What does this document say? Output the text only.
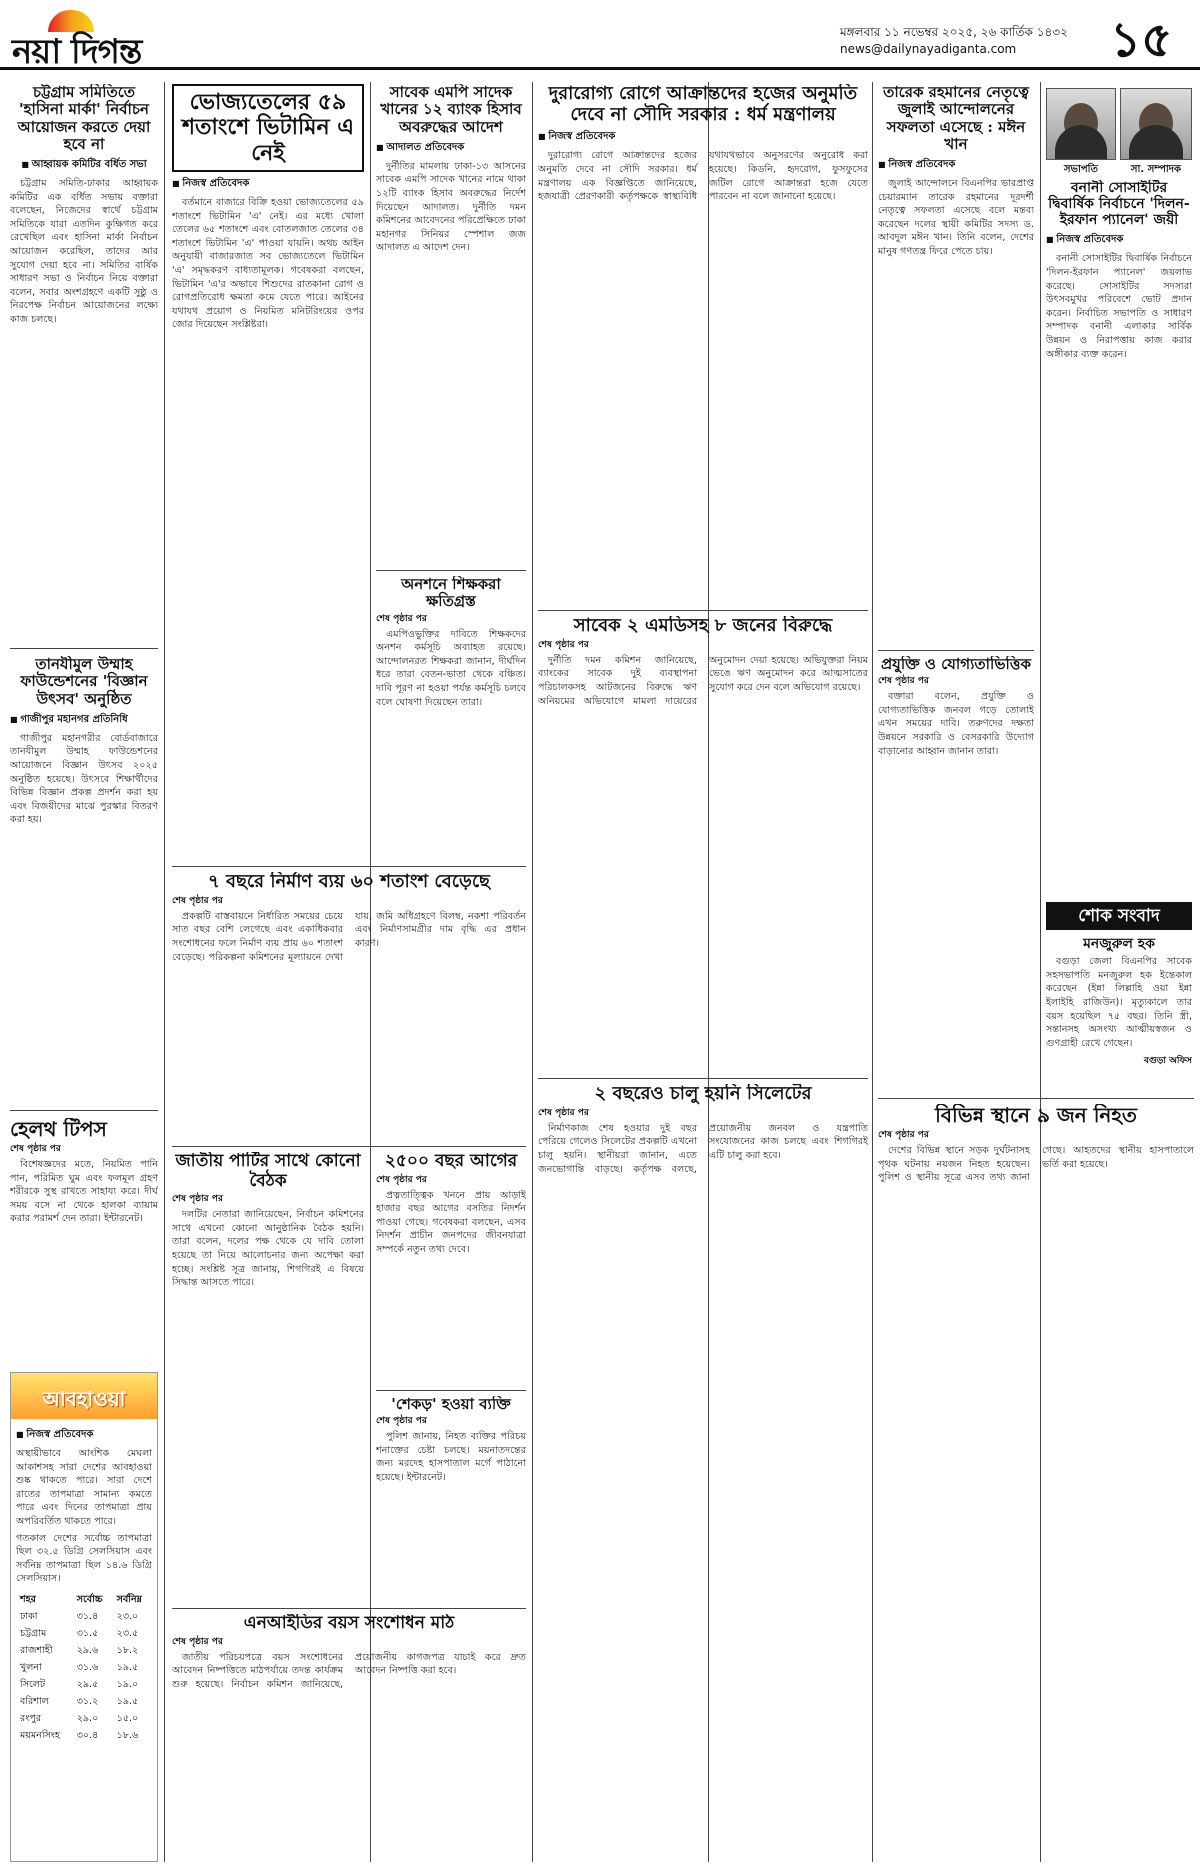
নয়া দিগন্ত	মঙ্গলবার ১১ নভেম্বর ২০২৫, ২৬ কার্তিক ১৪৩২
news@dailynayadiganta.com ১৫
চট্টগ্রাম সমিতিতে 'হাসিনা মার্কা' নির্বাচন আয়োজন করতে দেয়া হবে না
■ আহ্বায়ক কমিটির বর্ধিত সভা

চট্টগ্রাম সমিতি-ঢাকার আহ্বায়ক কমিটির এক বর্ধিত সভায় বক্তারা বলেছেন, নিজেদের স্বার্থে চট্টগ্রাম সমিতিকে যারা এতদিন কুক্ষিগত করে রেখেছিল এবং হাসিনা মার্কা নির্বাচন আয়োজন করেছিল, তাদের আর সুযোগ দেয়া হবে না। সমিতির বার্ষিক সাধারণ সভা ও নির্বাচন নিয়ে বক্তারা বলেন, সবার অংশগ্রহণে একটি সুষ্ঠু ও নিরপেক্ষ নির্বাচন আয়োজনের লক্ষ্যে কাজ চলছে।

তানযীমুল উম্মাহ ফাউন্ডেশনের 'বিজ্ঞান উৎসব' অনুষ্ঠিত
■ গাজীপুর মহানগর প্রতিনিধি

গাজীপুর মহানগরীর বোর্ডবাজারে তানযীমুল উম্মাহ ফাউন্ডেশনের আয়োজনে বিজ্ঞান উৎসব ২০২৫ অনুষ্ঠিত হয়েছে। উৎসবে শিক্ষার্থীদের বিভিন্ন বিজ্ঞান প্রকল্প প্রদর্শন করা হয় এবং বিজয়ীদের মাঝে পুরস্কার বিতরণ করা হয়।

হেলথ টিপস
শেষ পৃষ্ঠার পর

বিশেষজ্ঞদের মতে, নিয়মিত পানি পান, পরিমিত ঘুম এবং ফলমূল গ্রহণ শরীরকে সুস্থ রাখতে সাহায্য করে। দীর্ঘ সময় বসে না থেকে হালকা ব্যায়াম করার পরামর্শ দেন তারা। ইন্টারনেট।

আবহাওয়া
■ নিজস্ব প্রতিবেদক
অস্থায়ীভাবে আংশিক মেঘলা আকাশসহ সারা দেশের আবহাওয়া শুষ্ক থাকতে পারে। সারা দেশে রাতের তাপমাত্রা সামান্য কমতে পারে এবং দিনের তাপমাত্রা প্রায় অপরিবর্তিত থাকতে পারে।
গতকাল দেশের সর্বোচ্চ তাপমাত্রা ছিল ৩২.৫ ডিগ্রি সেলসিয়াস এবং সর্বনিম্ন তাপমাত্রা ছিল ১৪.৬ ডিগ্রি সেলসিয়াস।
শহর	সর্বোচ্চ	সর্বনিম্ন
ঢাকা	৩১.৪	২৩.০
চট্টগ্রাম	৩১.৫	২৩.৫
রাজশাহী	২৯.৬	১৮.২
খুলনা	৩১.৬	১৯.৫
সিলেট	২৯.৫	১৯.০
বরিশাল	৩১.২	১৯.৫
রংপুর	২৯.০	১৫.০
ময়মনসিংহ	৩০.৪	১৮.৬
ভোজ্যতেলের ৫৯ শতাংশে ভিটামিন এ নেই
■ নিজস্ব প্রতিবেদক

বর্তমানে বাজারে বিক্রি হওয়া ভোজ্যতেলের ৫৯ শতাংশে ভিটামিন 'এ' নেই। এর মধ্যে খোলা তেলের ৬৫ শতাংশে এবং বোতলজাত তেলের ৩৪ শতাংশে ভিটামিন 'এ' পাওয়া যায়নি। অথচ আইন অনুযায়ী বাজারজাত সব ভোজ্যতেলে ভিটামিন 'এ' সমৃদ্ধকরণ বাধ্যতামূলক। গবেষকরা বলছেন, ভিটামিন 'এ'র অভাবে শিশুদের রাতকানা রোগ ও রোগপ্রতিরোধ ক্ষমতা কমে যেতে পারে। আইনের যথাযথ প্রয়োগ ও নিয়মিত মনিটরিংয়ের ওপর জোর দিয়েছেন সংশ্লিষ্টরা।

৭ বছরে নির্মাণ ব্যয় ৬০ শতাংশ বেড়েছে
শেষ পৃষ্ঠার পর

প্রকল্পটি বাস্তবায়নে নির্ধারিত সময়ের চেয়ে সাত বছর বেশি লেগেছে এবং একাধিকবার সংশোধনের ফলে নির্মাণ ব্যয় প্রায় ৬০ শতাংশ বেড়েছে। পরিকল্পনা কমিশনের মূল্যায়নে দেখা যায়, জমি অধিগ্রহণে বিলম্ব, নকশা পরিবর্তন এবং নির্মাণসামগ্রীর দাম বৃদ্ধি এর প্রধান কারণ।

জাতীয় পার্টির সাথে কোনো বৈঠক
শেষ পৃষ্ঠার পর

দলটির নেতারা জানিয়েছেন, নির্বাচন কমিশনের সাথে এখনো কোনো আনুষ্ঠানিক বৈঠক হয়নি। তারা বলেন, দলের পক্ষ থেকে যে দাবি তোলা হয়েছে তা নিয়ে আলোচনার জন্য অপেক্ষা করা হচ্ছে। সংশ্লিষ্ট সূত্র জানায়, শিগগিরই এ বিষয়ে সিদ্ধান্ত আসতে পারে।

এনআইডির বয়স সংশোধন মাঠ
শেষ পৃষ্ঠার পর

জাতীয় পরিচয়পত্রে বয়স সংশোধনের আবেদন নিষ্পত্তিতে মাঠপর্যায়ে তদন্ত কার্যক্রম শুরু হয়েছে। নির্বাচন কমিশন জানিয়েছে, প্রয়োজনীয় কাগজপত্র যাচাই করে দ্রুত আবেদন নিষ্পত্তি করা হবে।

সাবেক এমপি সাদেক খানের ১২ ব্যাংক হিসাব অবরুদ্ধের আদেশ
■ আদালত প্রতিবেদক

দুর্নীতির মামলায় ঢাকা-১৩ আসনের সাবেক এমপি সাদেক খানের নামে থাকা ১২টি ব্যাংক হিসাব অবরুদ্ধের নির্দেশ দিয়েছেন আদালত। দুর্নীতি দমন কমিশনের আবেদনের পরিপ্রেক্ষিতে ঢাকা মহানগর সিনিয়র স্পেশাল জজ আদালত এ আদেশ দেন।

অনশনে শিক্ষকরা ক্ষতিগ্রস্ত
শেষ পৃষ্ঠার পর

এমপিওভুক্তির দাবিতে শিক্ষকদের অনশন কর্মসূচি অব্যাহত রয়েছে। আন্দোলনরত শিক্ষকরা জানান, দীর্ঘদিন ধরে তারা বেতন-ভাতা থেকে বঞ্চিত। দাবি পূরণ না হওয়া পর্যন্ত কর্মসূচি চলবে বলে ঘোষণা দিয়েছেন তারা।

২৫০০ বছর আগের
শেষ পৃষ্ঠার পর

প্রত্নতাত্ত্বিক খননে প্রায় আড়াই হাজার বছর আগের বসতির নিদর্শন পাওয়া গেছে। গবেষকরা বলছেন, এসব নিদর্শন প্রাচীন জনপদের জীবনযাত্রা সম্পর্কে নতুন তথ্য দেবে।

'শেকড়' হওয়া ব্যক্তি
শেষ পৃষ্ঠার পর

পুলিশ জানায়, নিহত ব্যক্তির পরিচয় শনাক্তের চেষ্টা চলছে। ময়নাতদন্তের জন্য মরদেহ হাসপাতাল মর্গে পাঠানো হয়েছে। ইন্টারনেট।

দুরারোগ্য রোগে আক্রান্তদের হজের অনুমতি দেবে না সৌদি সরকার : ধর্ম মন্ত্রণালয়
■ নিজস্ব প্রতিবেদক

দুরারোগ্য রোগে আক্রান্তদের হজের অনুমতি দেবে না সৌদি সরকার। ধর্ম মন্ত্রণালয় এক বিজ্ঞপ্তিতে জানিয়েছে, হজযাত্রী প্রেরণকারী কর্তৃপক্ষকে স্বাস্থ্যবিধি যথাযথভাবে অনুসরণের অনুরোধ করা হয়েছে। কিডনি, হৃদরোগ, ফুসফুসের জটিল রোগে আক্রান্তরা হজে যেতে পারবেন না বলে জানানো হয়েছে।

সাবেক ২ এমডিসহ ৮ জনের বিরুদ্ধে
শেষ পৃষ্ঠার পর

দুর্নীতি দমন কমিশন জানিয়েছে, ব্যাংকের সাবেক দুই ব্যবস্থাপনা পরিচালকসহ আটজনের বিরুদ্ধে ঋণ অনিয়মের অভিযোগে মামলা দায়েরের অনুমোদন দেয়া হয়েছে। অভিযুক্তরা নিয়ম ভেঙে ঋণ অনুমোদন করে আত্মসাতের সুযোগ করে দেন বলে অভিযোগ রয়েছে।

২ বছরেও চালু হয়নি সিলেটের
শেষ পৃষ্ঠার পর

নির্মাণকাজ শেষ হওয়ার দুই বছর পেরিয়ে গেলেও সিলেটের প্রকল্পটি এখনো চালু হয়নি। স্থানীয়রা জানান, এতে জনভোগান্তি বাড়ছে। কর্তৃপক্ষ বলছে, প্রয়োজনীয় জনবল ও যন্ত্রপাতি সংযোজনের কাজ চলছে এবং শিগগিরই এটি চালু করা হবে।

তারেক রহমানের নেতৃত্বে জুলাই আন্দোলনের সফলতা এসেছে : মঈন খান
■ নিজস্ব প্রতিবেদক

জুলাই আন্দোলনে বিএনপির ভারপ্রাপ্ত চেয়ারম্যান তারেক রহমানের দূরদর্শী নেতৃত্বে সফলতা এসেছে বলে মন্তব্য করেছেন দলের স্থায়ী কমিটির সদস্য ড. আবদুল মঈন খান। তিনি বলেন, দেশের মানুষ গণতন্ত্র ফিরে পেতে চায়।

প্রযুক্তি ও যোগ্যতাভিত্তিক
শেষ পৃষ্ঠার পর

বক্তারা বলেন, প্রযুক্তি ও যোগ্যতাভিত্তিক জনবল গড়ে তোলাই এখন সময়ের দাবি। তরুণদের দক্ষতা উন্নয়নে সরকারি ও বেসরকারি উদ্যোগ বাড়ানোর আহ্বান জানান তারা।

বিভিন্ন স্থানে ৯ জন নিহত
শেষ পৃষ্ঠার পর

দেশের বিভিন্ন স্থানে সড়ক দুর্ঘটনাসহ পৃথক ঘটনায় নয়জন নিহত হয়েছেন। পুলিশ ও স্থানীয় সূত্রে এসব তথ্য জানা গেছে। আহতদের স্থানীয় হাসপাতালে ভর্তি করা হয়েছে।

সভাপতি	সা. সম্পাদক
বনানী সোসাইটির দ্বিবার্ষিক নির্বাচনে 'দিলন-ইরফান প্যানেল' জয়ী
■ নিজস্ব প্রতিবেদক

বনানী সোসাইটির দ্বিবার্ষিক নির্বাচনে 'দিলন-ইরফান প্যানেল' জয়লাভ করেছে। সোসাইটির সদস্যরা উৎসবমুখর পরিবেশে ভোট প্রদান করেন। নির্বাচিত সভাপতি ও সাধারণ সম্পাদক বনানী এলাকার সার্বিক উন্নয়ন ও নিরাপত্তায় কাজ করার অঙ্গীকার ব্যক্ত করেন।

শোক সংবাদ
মনজুরুল হক

বগুড়া জেলা বিএনপির সাবেক সহসভাপতি মনজুরুল হক ইন্তেকাল করেছেন (ইন্না লিল্লাহি ওয়া ইন্না ইলাইহি রাজিউন)। মৃত্যুকালে তার বয়স হয়েছিল ৭৫ বছর। তিনি স্ত্রী, সন্তানসহ অসংখ্য আত্মীয়স্বজন ও গুণগ্রাহী রেখে গেছেন।

বগুড়া অফিস
